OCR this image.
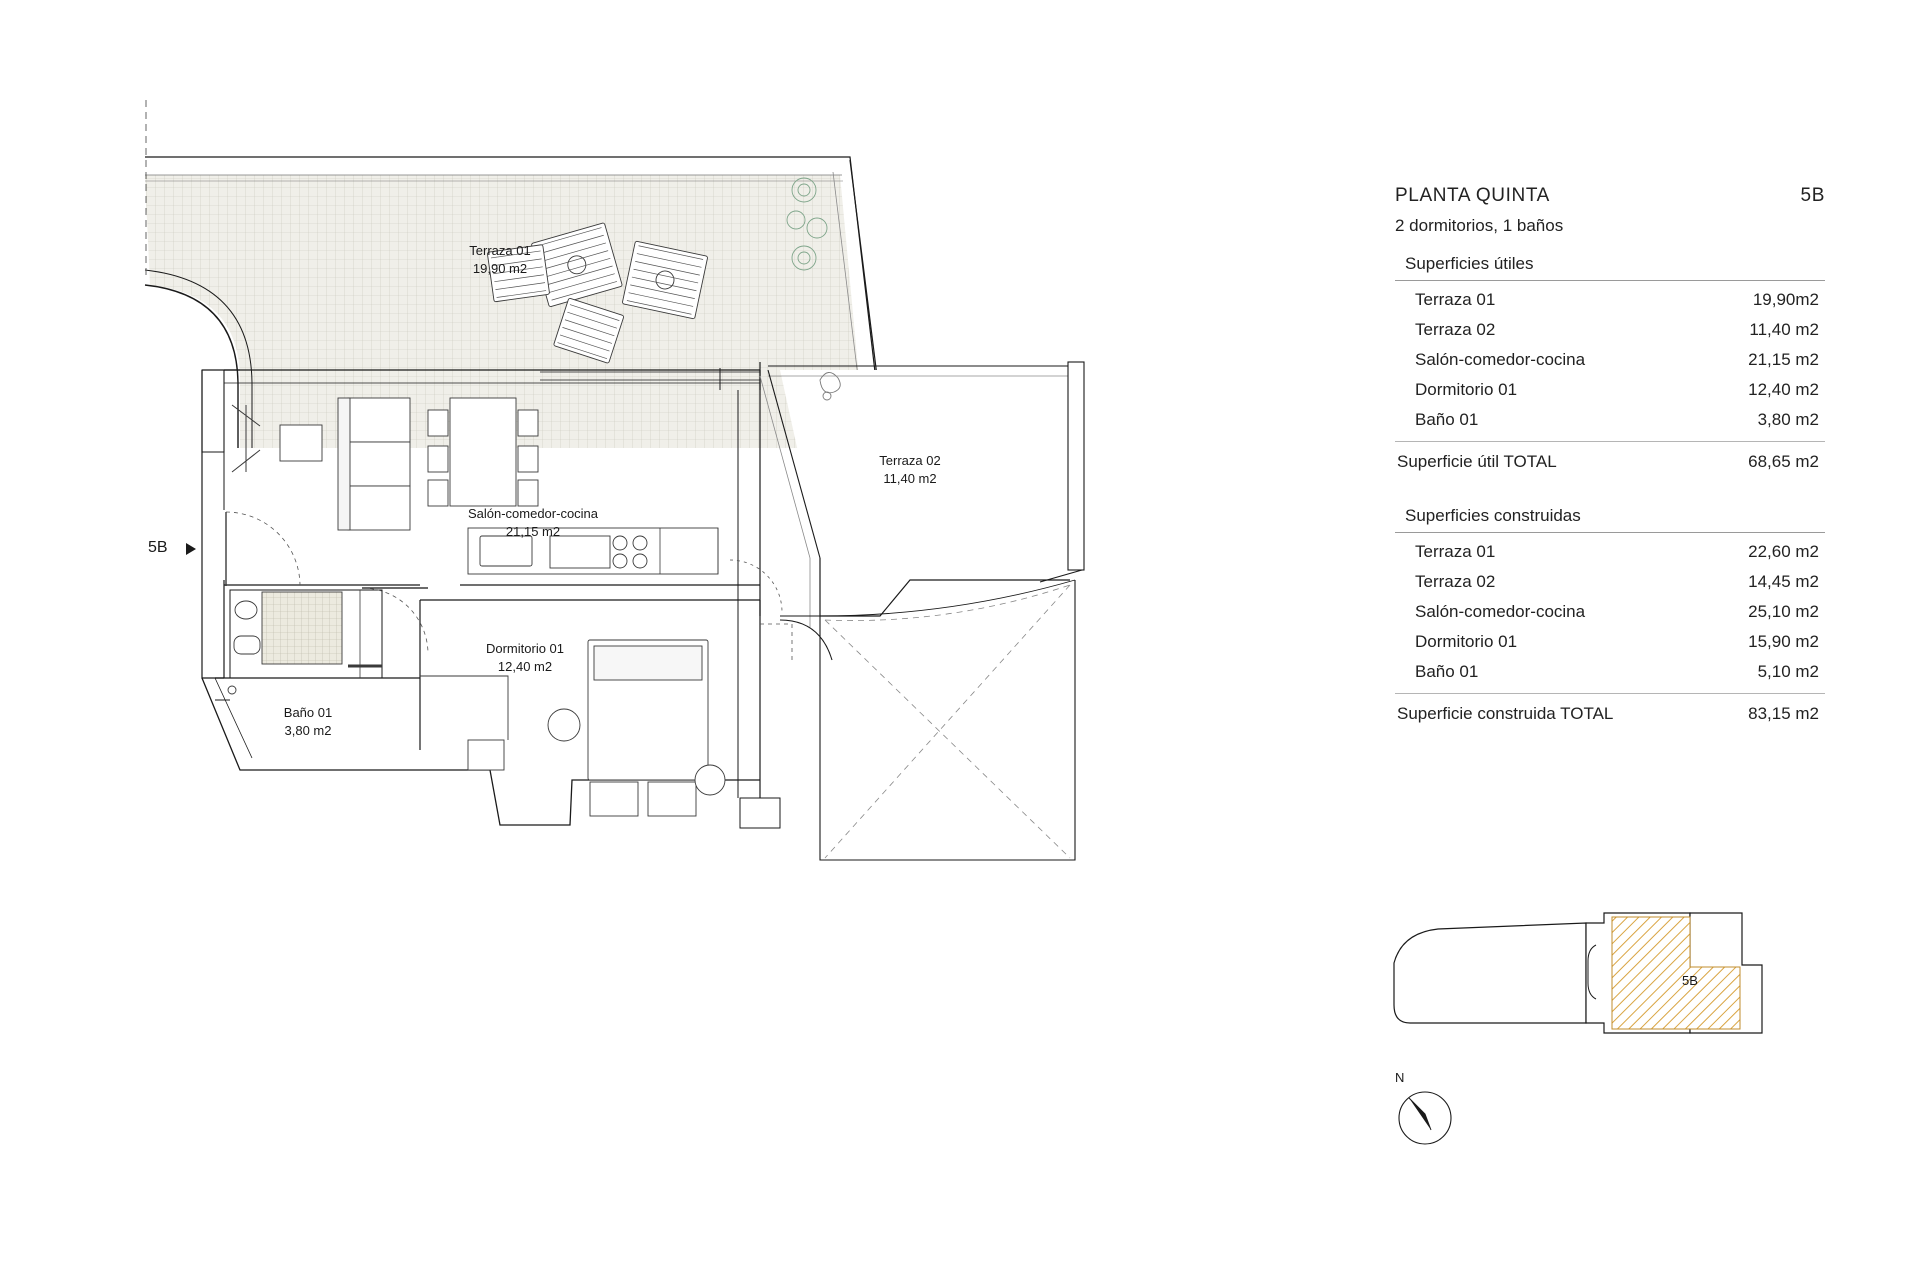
Terraza 01
19,90 m2
Terraza 02
11,40 m2
Salón-comedor-cocina
21,15 m2
Dormitorio 01
12,40 m2
Baño 01
3,80 m2
5B
PLANTA QUINTA	5B
2 dormitorios, 1 baños
Superficies útiles
Terraza 01	19,90m2
Terraza 02	11,40 m2
Salón-comedor-cocina	21,15 m2
Dormitorio 01	12,40 m2
Baño 01	3,80 m2
Superficie útil TOTAL	68,65 m2
Superficies construidas
Terraza 01	22,60 m2
Terraza 02	14,45 m2
Salón-comedor-cocina	25,10 m2
Dormitorio 01	15,90 m2
Baño 01	5,10 m2
Superficie construida TOTAL	83,15 m2
5B
N
